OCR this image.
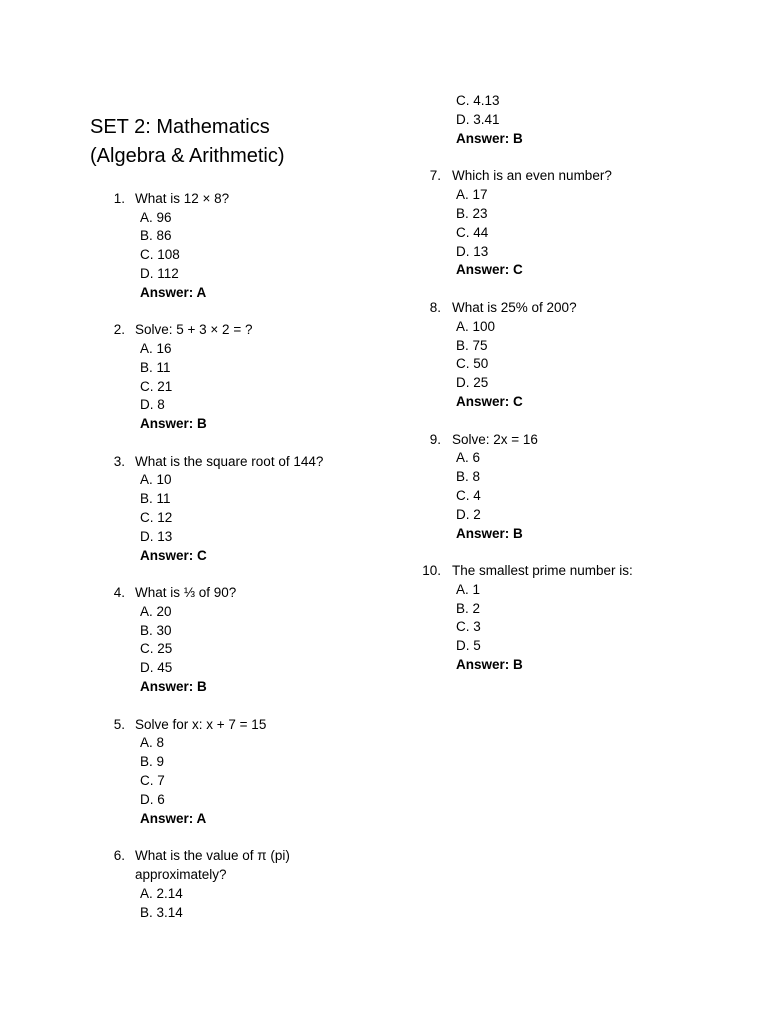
SET 2: Mathematics
(Algebra & Arithmetic)
1. What is 12 × 8?
A. 96
B. 86
C. 108
D. 112
Answer: A
2. Solve: 5 + 3 × 2 = ?
A. 16
B. 11
C. 21
D. 8
Answer: B
3. What is the square root of 144?
A. 10
B. 11
C. 12
D. 13
Answer: C
4. What is ⅓ of 90?
A. 20
B. 30
C. 25
D. 45
Answer: B
5. Solve for x: x + 7 = 15
A. 8
B. 9
C. 7
D. 6
Answer: A
6. What is the value of π (pi)
approximately?
A. 2.14
B. 3.14
C. 4.13
D. 3.41
Answer: B
7. Which is an even number?
A. 17
B. 23
C. 44
D. 13
Answer: C
8. What is 25% of 200?
A. 100
B. 75
C. 50
D. 25
Answer: C
9. Solve: 2x = 16
A. 6
B. 8
C. 4
D. 2
Answer: B
10. The smallest prime number is:
A. 1
B. 2
C. 3
D. 5
Answer: B
